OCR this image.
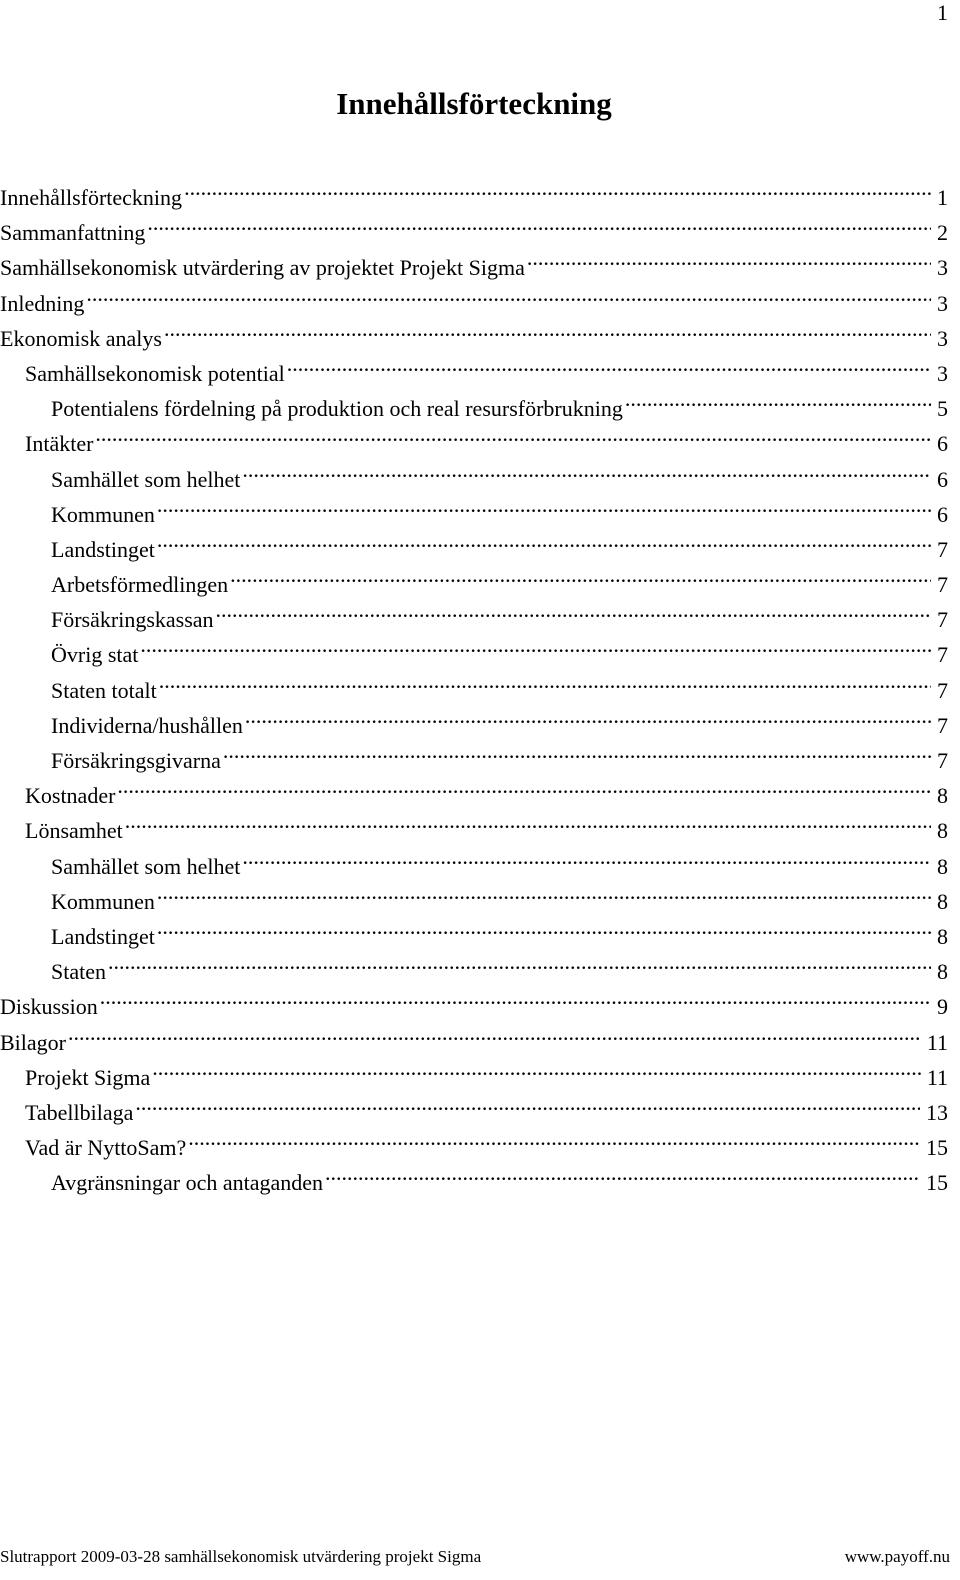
1
Innehållsförteckning
Innehållsförteckning .....	1
Sammanfattning .....	2
Samhällsekonomisk utvärdering av projektet Projekt Sigma .....	3
Inledning .....	3
Ekonomisk analys .....	3
Samhällsekonomisk potential .....	3
Potentialens fördelning på produktion och real resursförbrukning .....	5
Intäkter .....	6
Samhället som helhet .....	6
Kommunen .....	6
Landstinget .....	7
Arbetsförmedlingen .....	7
Försäkringskassan .....	7
Övrig stat .....	7
Staten totalt .....	7
Individerna/hushållen .....	7
Försäkringsgivarna .....	7
Kostnader .....	8
Lönsamhet .....	8
Samhället som helhet .....	8
Kommunen .....	8
Landstinget .....	8
Staten .....	8
Diskussion .....	9
Bilagor .....	11
Projekt Sigma .....	11
Tabellbilaga .....	13
Vad är NyttoSam? .....	15
Avgränsningar och antaganden .....	15
Slutrapport 2009-03-28 samhällsekonomisk utvärdering projekt Sigma	www.payoff.nu
